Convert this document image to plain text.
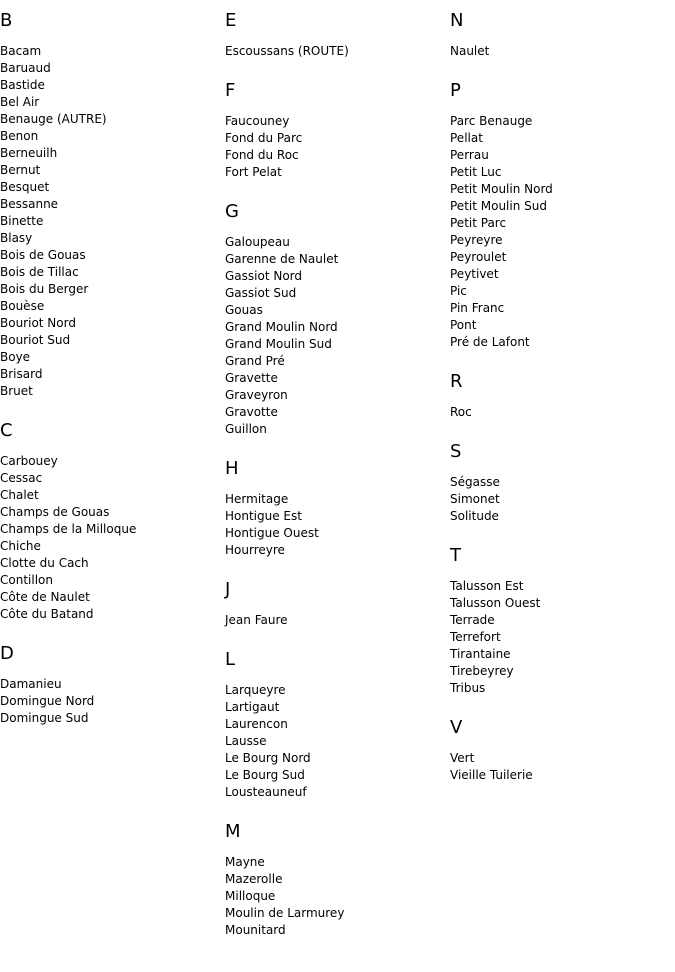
B
Bacam
Baruaud
Bastide
Bel Air
Benauge (AUTRE)
Benon
Berneuilh
Bernut
Besquet
Bessanne
Binette
Blasy
Bois de Gouas
Bois de Tillac
Bois du Berger
Bouèse
Bouriot Nord
Bouriot Sud
Boye
Brisard
Bruet
C
Carbouey
Cessac
Chalet
Champs de Gouas
Champs de la Milloque
Chiche
Clotte du Cach
Contillon
Côte de Naulet
Côte du Batand
D
Damanieu
Domingue Nord
Domingue Sud
E
Escoussans (ROUTE)
F
Faucouney
Fond du Parc
Fond du Roc
Fort Pelat
G
Galoupeau
Garenne de Naulet
Gassiot Nord
Gassiot Sud
Gouas
Grand Moulin Nord
Grand Moulin Sud
Grand Pré
Gravette
Graveyron
Gravotte
Guillon
H
Hermitage
Hontigue Est
Hontigue Ouest
Hourreyre
J
Jean Faure
L
Larqueyre
Lartigaut
Laurencon
Lausse
Le Bourg Nord
Le Bourg Sud
Lousteauneuf
M
Mayne
Mazerolle
Milloque
Moulin de Larmurey
Mounitard
N
Naulet
P
Parc Benauge
Pellat
Perrau
Petit Luc
Petit Moulin Nord
Petit Moulin Sud
Petit Parc
Peyreyre
Peyroulet
Peytivet
Pic
Pin Franc
Pont
Pré de Lafont
R
Roc
S
Ségasse
Simonet
Solitude
T
Talusson Est
Talusson Ouest
Terrade
Terrefort
Tirantaine
Tirebeyrey
Tribus
V
Vert
Vieille Tuilerie
